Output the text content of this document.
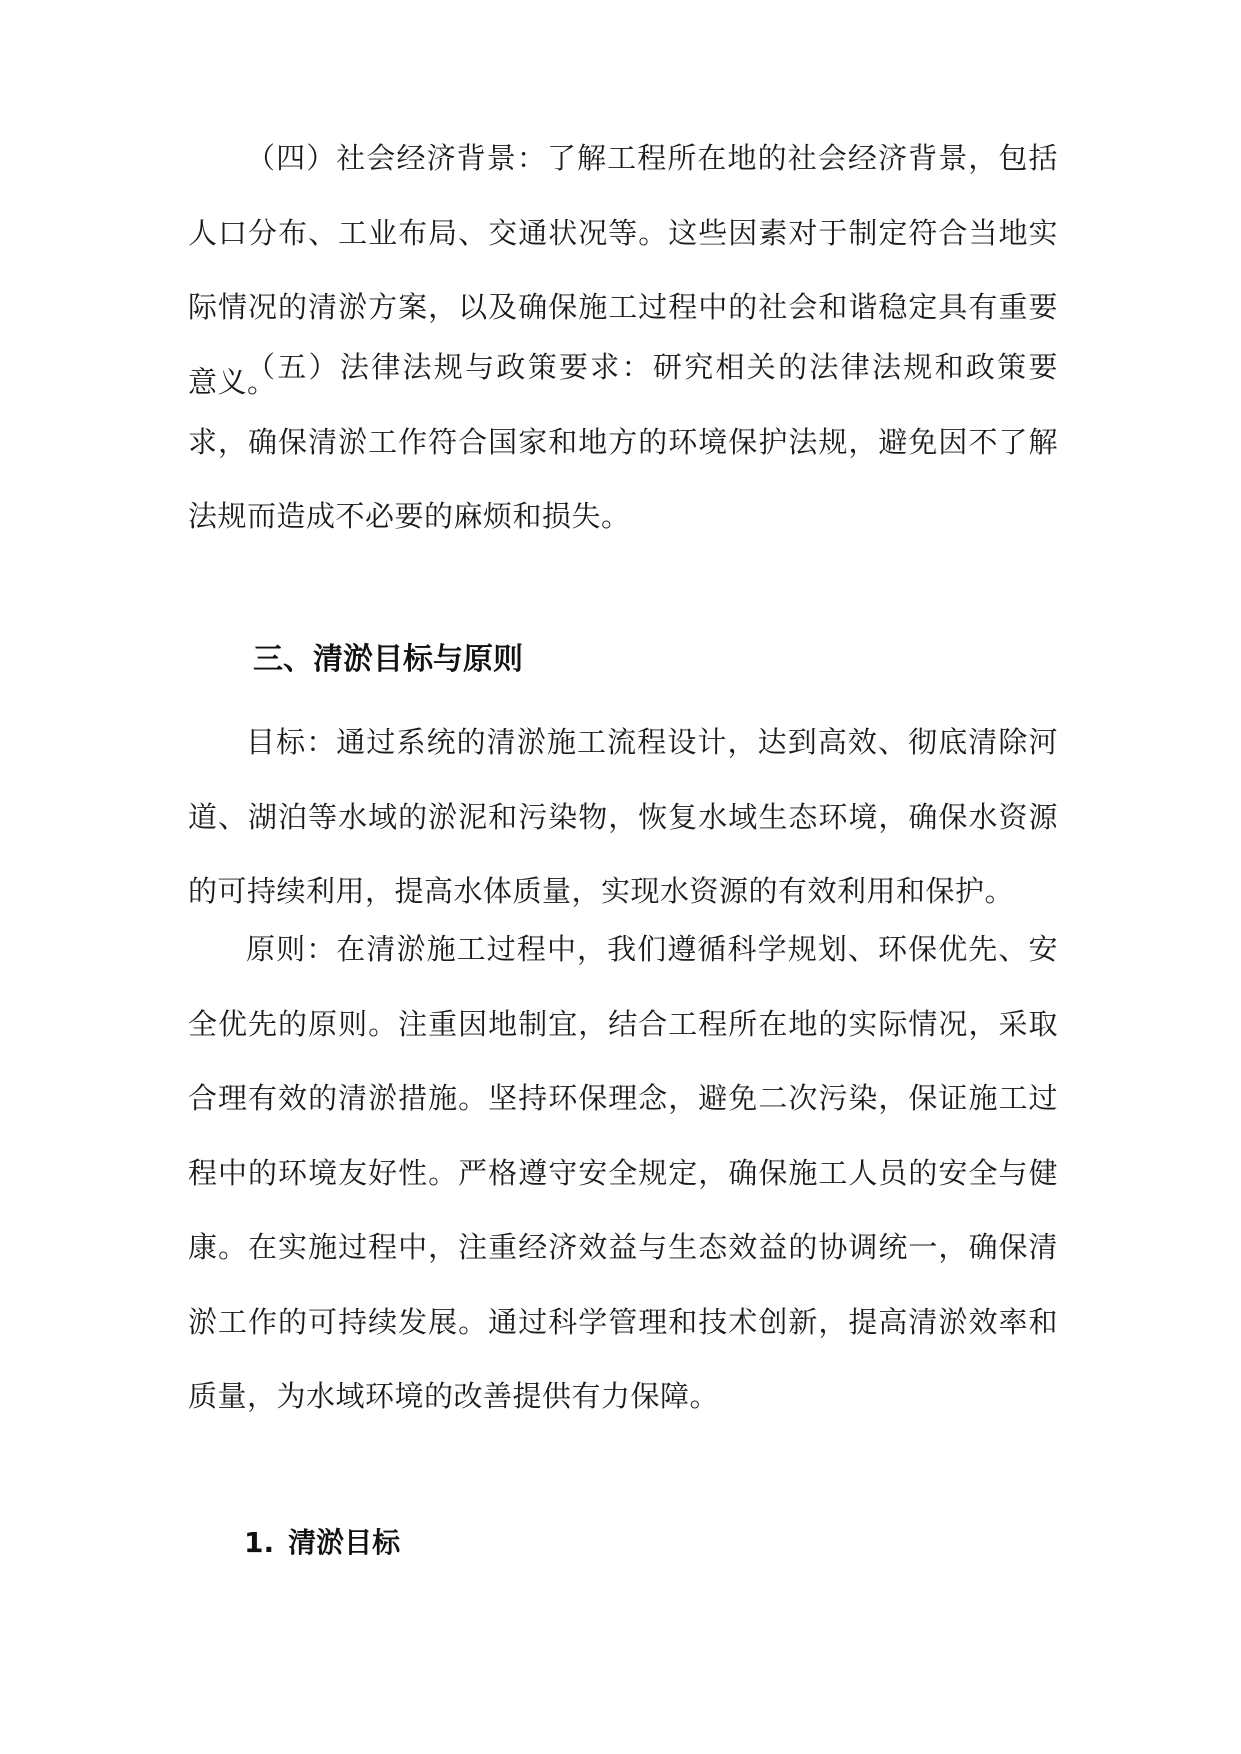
（四）社会经济背景：了解工程所在地的社会经济背景，包括人口分布、工业布局、交通状况等。这些因素对于制定符合当地实际情况的清淤方案，以及确保施工过程中的社会和谐稳定具有重要意义。

（五）法律法规与政策要求：研究相关的法律法规和政策要求，确保清淤工作符合国家和地方的环境保护法规，避免因不了解法规而造成不必要的麻烦和损失。

三、清淤目标与原则

目标：通过系统的清淤施工流程设计，达到高效、彻底清除河道、湖泊等水域的淤泥和污染物，恢复水域生态环境，确保水资源的可持续利用，提高水体质量，实现水资源的有效利用和保护。

原则：在清淤施工过程中，我们遵循科学规划、环保优先、安全优先的原则。注重因地制宜，结合工程所在地的实际情况，采取合理有效的清淤措施。坚持环保理念，避免二次污染，保证施工过程中的环境友好性。严格遵守安全规定，确保施工人员的安全与健康。在实施过程中，注重经济效益与生态效益的协调统一，确保清淤工作的可持续发展。通过科学管理和技术创新，提高清淤效率和质量，为水域环境的改善提供有力保障。

1. 清淤目标
